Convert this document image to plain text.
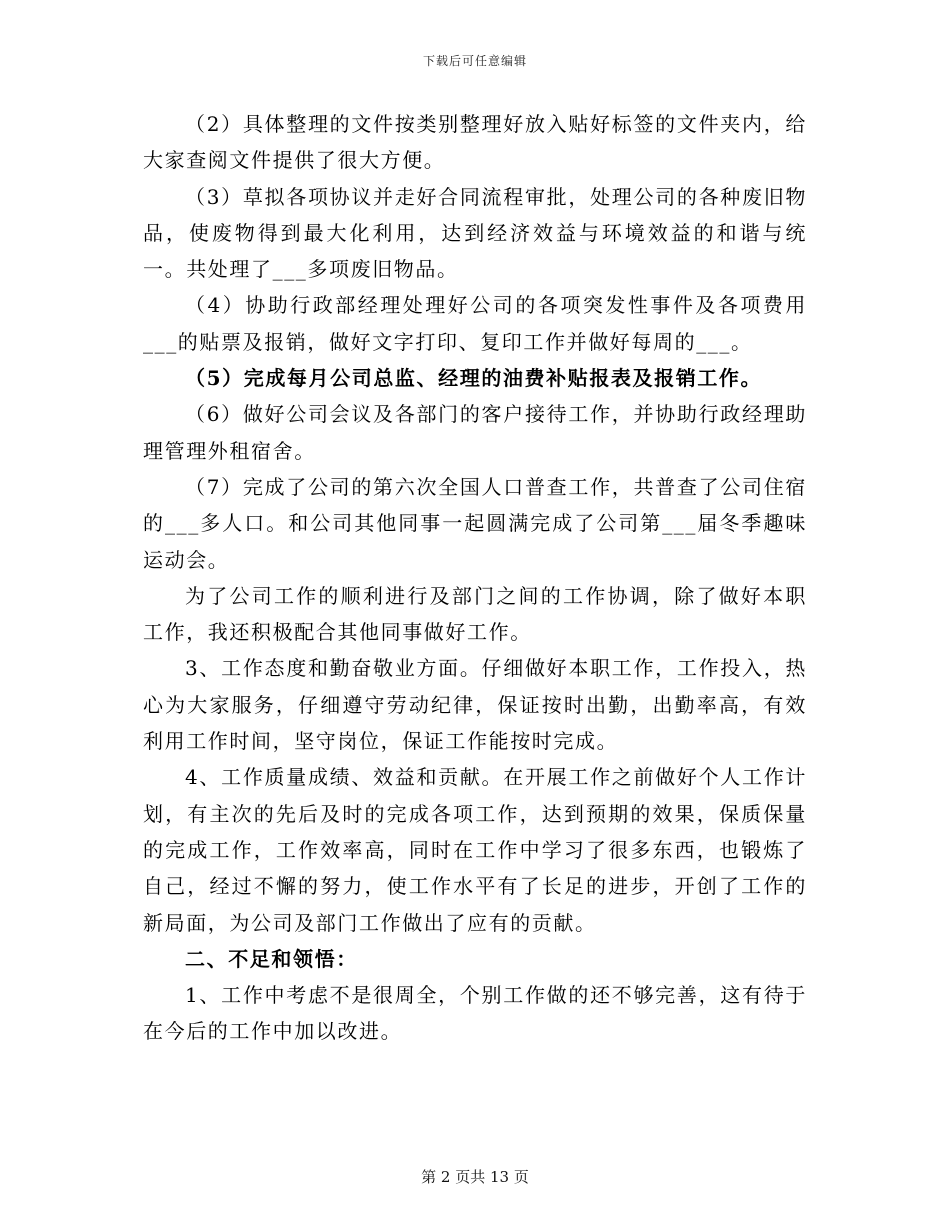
下载后可任意编辑

（2）具体整理的文件按类别整理好放入贴好标签的文件夹内，给大家查阅文件提供了很大方便。

（3）草拟各项协议并走好合同流程审批，处理公司的各种废旧物品，使废物得到最大化利用，达到经济效益与环境效益的和谐与统一。共处理了___多项废旧物品。

（4）协助行政部经理处理好公司的各项突发性事件及各项费用___的贴票及报销，做好文字打印、复印工作并做好每周的___。

（5）完成每月公司总监、经理的油费补贴报表及报销工作。

（6）做好公司会议及各部门的客户接待工作，并协助行政经理助理管理外租宿舍。

（7）完成了公司的第六次全国人口普查工作，共普查了公司住宿的___多人口。和公司其他同事一起圆满完成了公司第___届冬季趣味运动会。

为了公司工作的顺利进行及部门之间的工作协调，除了做好本职工作，我还积极配合其他同事做好工作。

3、工作态度和勤奋敬业方面。仔细做好本职工作，工作投入，热心为大家服务，仔细遵守劳动纪律，保证按时出勤，出勤率高，有效利用工作时间，坚守岗位，保证工作能按时完成。

4、工作质量成绩、效益和贡献。在开展工作之前做好个人工作计划，有主次的先后及时的完成各项工作，达到预期的效果，保质保量的完成工作，工作效率高，同时在工作中学习了很多东西，也锻炼了自己，经过不懈的努力，使工作水平有了长足的进步，开创了工作的新局面，为公司及部门工作做出了应有的贡献。

二、不足和领悟：

1、工作中考虑不是很周全，个别工作做的还不够完善，这有待于在今后的工作中加以改进。

第 2 页共 13 页
